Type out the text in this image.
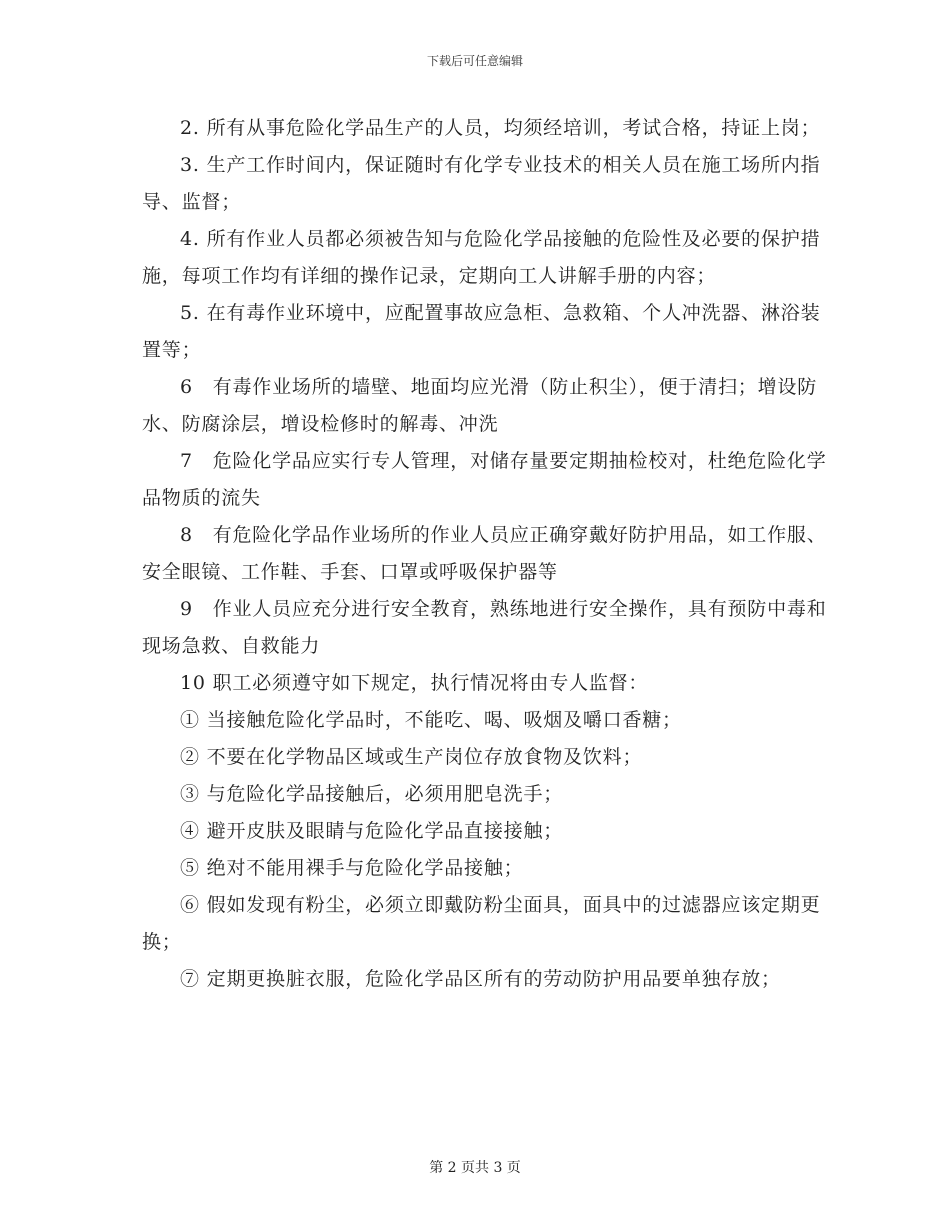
下载后可任意编辑

2. 所有从事危险化学品生产的人员，均须经培训，考试合格，持证上岗；

3. 生产工作时间内，保证随时有化学专业技术的相关人员在施工场所内指导、监督；

4. 所有作业人员都必须被告知与危险化学品接触的危险性及必要的保护措施，每项工作均有详细的操作记录，定期向工人讲解手册的内容；

5. 在有毒作业环境中，应配置事故应急柜、急救箱、个人冲洗器、淋浴装置等；

6　有毒作业场所的墙壁、地面均应光滑（防止积尘），便于清扫；增设防水、防腐涂层，增设检修时的解毒、冲洗

7　危险化学品应实行专人管理，对储存量要定期抽检校对，杜绝危险化学品物质的流失

8　有危险化学品作业场所的作业人员应正确穿戴好防护用品，如工作服、安全眼镜、工作鞋、手套、口罩或呼吸保护器等

9　作业人员应充分进行安全教育，熟练地进行安全操作，具有预防中毒和现场急救、自救能力

10 职工必须遵守如下规定，执行情况将由专人监督：

① 当接触危险化学品时，不能吃、喝、吸烟及嚼口香糖；

② 不要在化学物品区域或生产岗位存放食物及饮料；

③ 与危险化学品接触后，必须用肥皂洗手；

④ 避开皮肤及眼睛与危险化学品直接接触；

⑤ 绝对不能用裸手与危险化学品接触；

⑥ 假如发现有粉尘，必须立即戴防粉尘面具，面具中的过滤器应该定期更换；

⑦ 定期更换脏衣服，危险化学品区所有的劳动防护用品要单独存放；

第 2 页共 3 页
